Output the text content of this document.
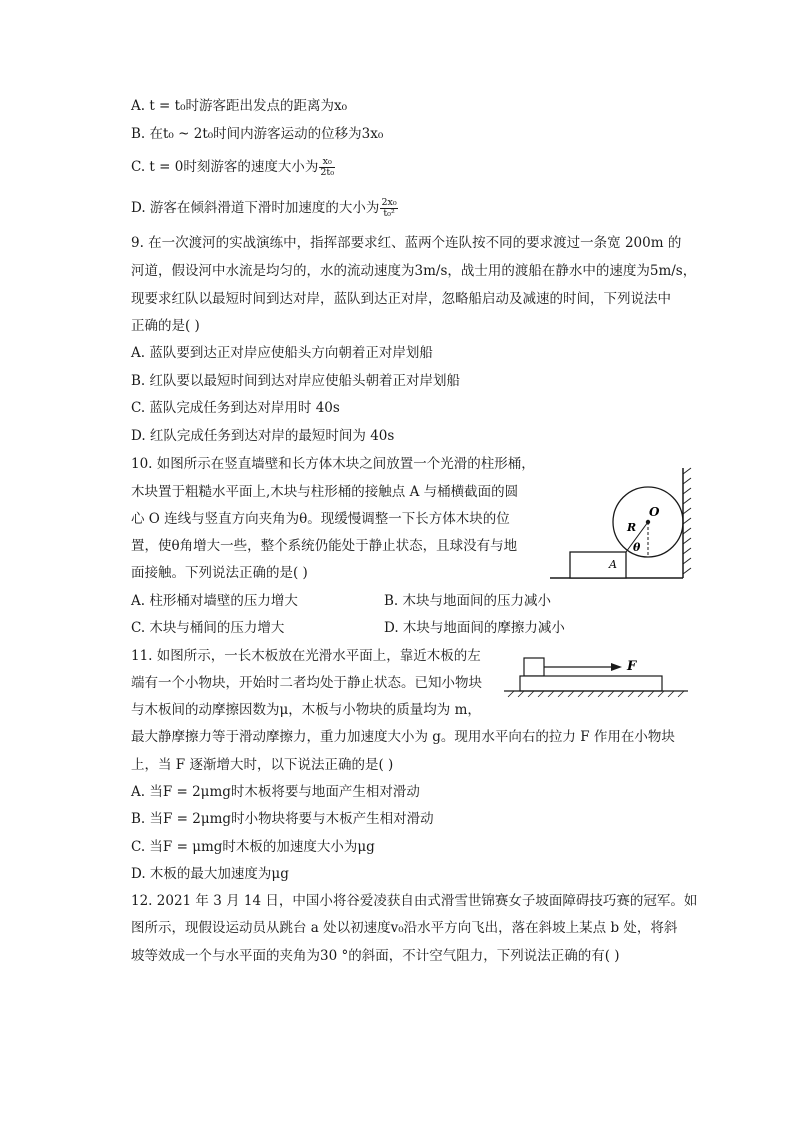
A. t = t₀时游客距出发点的距离为x₀
B. 在t₀ ~ 2t₀时间内游客运动的位移为3x₀
C. t = 0时刻游客的速度大小为 $\frac{\text{x₀}}{\text{2t₀}}$
D. 游客在倾斜滑道下滑时加速度的大小为 $\frac{\text{2x₀}}{\text{t₀²}}$
9. 在一次渡河的实战演练中，指挥部要求红、蓝两个连队按不同的要求渡过一条宽 200m 的
河道，假设河中水流是均匀的，水的流动速度为3m/s，战士用的渡船在静水中的速度为5m/s，
现要求红队以最短时间到达对岸，蓝队到达正对岸，忽略船启动及减速的时间，下列说法中
正确的是( )
A. 蓝队要到达正对岸应使船头方向朝着正对岸划船
B. 红队要以最短时间到达对岸应使船头朝着正对岸划船
C. 蓝队完成任务到达对岸用时 40s
D. 红队完成任务到达对岸的最短时间为 40s
10. 如图所示在竖直墙壁和长方体木块之间放置一个光滑的柱形桶，
木块置于粗糙水平面上,木块与柱形桶的接触点 A 与桶横截面的圆
心 O 连线与竖直方向夹角为θ。现缓慢调整一下长方体木块的位
置，使θ角增大一些，整个系统仍能处于静止状态，且球没有与地
面接触。下列说法正确的是( )
A. 柱形桶对墙壁的压力增大	B. 木块与地面间的压力减小
C. 木块与桶间的压力增大	D. 木块与地面间的摩擦力减小
O
R
θ
A
11. 如图所示，一长木板放在光滑水平面上，靠近木板的左
端有一个小物块，开始时二者均处于静止状态。已知小物块
与木板间的动摩擦因数为μ，木板与小物块的质量均为 m，
最大静摩擦力等于滑动摩擦力，重力加速度大小为 g。现用水平向右的拉力 F 作用在小物块
上，当 F 逐渐增大时，以下说法正确的是( )
A. 当F = 2μmg时木板将要与地面产生相对滑动
B. 当F = 2μmg时小物块将要与木板产生相对滑动
C. 当F = μmg时木板的加速度大小为μg
D. 木板的最大加速度为μg
F
12. 2021 年 3 月 14 日，中国小将谷爱凌获自由式滑雪世锦赛女子坡面障碍技巧赛的冠军。如
图所示，现假设运动员从跳台 a 处以初速度v₀沿水平方向飞出，落在斜坡上某点 b 处，将斜
坡等效成一个与水平面的夹角为30 °的斜面，不计空气阻力，下列说法正确的有( )
